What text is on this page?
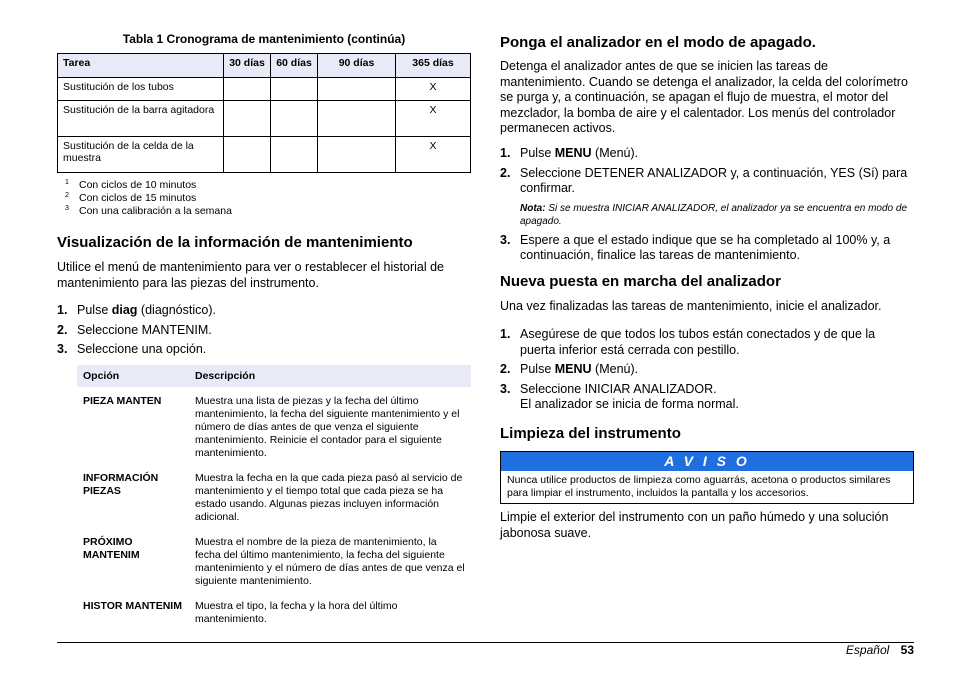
Tabla 1 Cronograma de mantenimiento (continúa)
Tarea	30 días	60 días	90 días	365 días
Sustitución de los tubos				X
Sustitución de la barra agitadora				X
Sustitución de la celda de la muestra				X
$^1$ Con ciclos de 10 minutos
$^2$ Con ciclos de 15 minutos
$^3$ Con una calibración a la semana
Visualización de la información de mantenimiento

Utilice el menú de mantenimiento para ver o restablecer el historial de mantenimiento para las piezas del instrumento.

1. Pulse diag (diagnóstico).
2. Seleccione MANTENIM.
3. Seleccione una opción.
Opción	Descripción
PIEZA MANTEN	Muestra una lista de piezas y la fecha del último mantenimiento, la fecha del siguiente mantenimiento y el número de días antes de que venza el siguiente mantenimiento. Reinicie el contador para el siguiente mantenimiento.
INFORMACIÓN PIEZAS	Muestra la fecha en la que cada pieza pasó al servicio de mantenimiento y el tiempo total que cada pieza se ha estado usando. Algunas piezas incluyen información adicional.
PRÓXIMO MANTENIM	Muestra el nombre de la pieza de mantenimiento, la fecha del último mantenimiento, la fecha del siguiente mantenimiento y el número de días antes de que venza el siguiente mantenimiento.
HISTOR MANTENIM	Muestra el tipo, la fecha y la hora del último mantenimiento.
Ponga el analizador en el modo de apagado.

Detenga el analizador antes de que se inicien las tareas de mantenimiento. Cuando se detenga el analizador, la celda del colorímetro se purga y, a continuación, se apagan el flujo de muestra, el motor del mezclador, la bomba de aire y el calentador. Los menús del controlador permanecen activos.

1. Pulse MENU (Menú).
2. Seleccione DETENER ANALIZADOR y, a continuación, YES (Sí) para confirmar.
Nota: Si se muestra INICIAR ANALIZADOR, el analizador ya se encuentra en modo de apagado.
3. Espere a que el estado indique que se ha completado al 100% y, a continuación, finalice las tareas de mantenimiento.
Nueva puesta en marcha del analizador

Una vez finalizadas las tareas de mantenimiento, inicie el analizador.

1. Asegúrese de que todos los tubos están conectados y de que la puerta inferior está cerrada con pestillo.
2. Pulse MENU (Menú).
3. Seleccione INICIAR ANALIZADOR.
El analizador se inicia de forma normal.
Limpieza del instrumento
A V I S O
Nunca utilice productos de limpieza como aguarrás, acetona o productos similares para limpiar el instrumento, incluidos la pantalla y los accesorios.

Limpie el exterior del instrumento con un paño húmedo y una solución jabonosa suave.

Español 53
